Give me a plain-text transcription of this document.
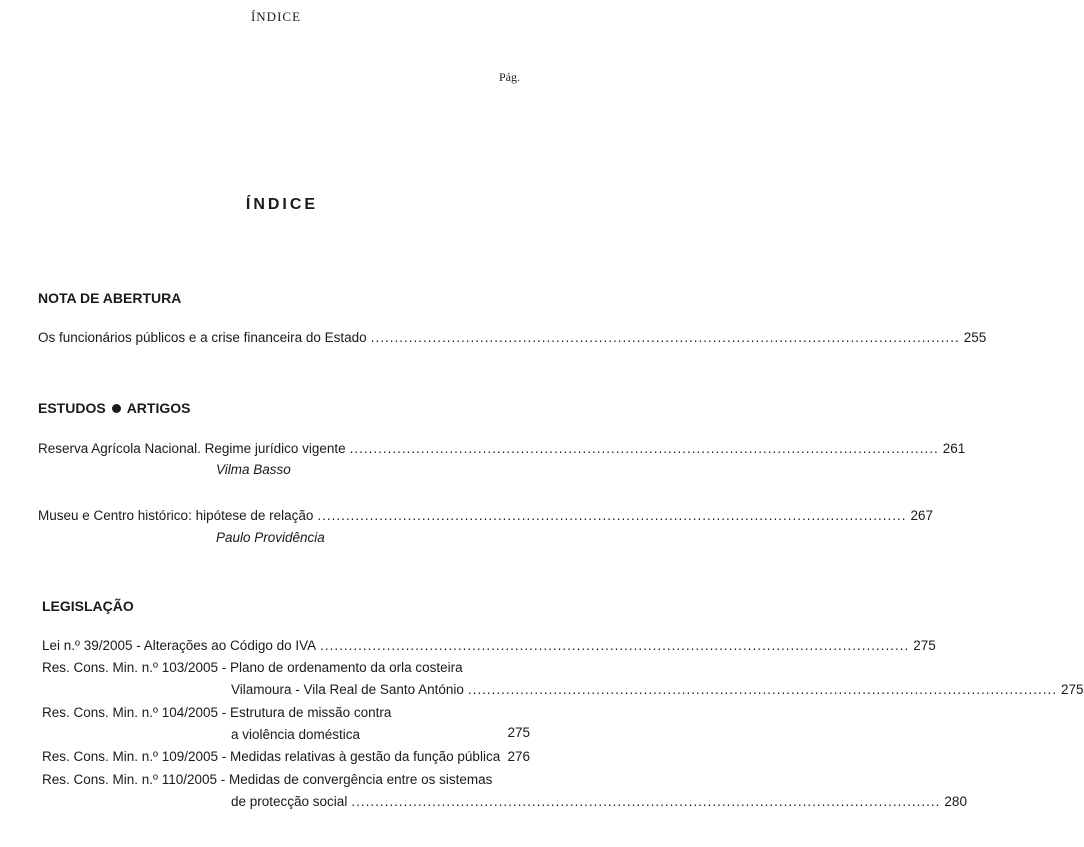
ÍNDICE
Pág.
ÍNDICE
NOTA DE ABERTURA
Os funcionários públicos e a crise financeira do Estado ............................................................................................................................ 255
ESTUDOS ARTIGOS
Reserva Agrícola Nacional. Regime jurídico vigente ............................................................................................................................ 261
Vilma Basso
Museu e Centro histórico: hipótese de relação ............................................................................................................................ 267
Paulo Providência
LEGISLAÇÃO
Lei n.º 39/2005 - Alterações ao Código do IVA ............................................................................................................................ 275
Res. Cons. Min. n.º 103/2005 - Plano de ordenamento da orla costeira
Vilamoura - Vila Real de Santo António ............................................................................................................................ 275
Res. Cons. Min. n.º 104/2005 - Estrutura de missão contra
a violência doméstica	275
Res. Cons. Min. n.º 109/2005 - Medidas relativas à gestão da função pública 276
Res. Cons. Min. n.º 110/2005 - Medidas de convergência entre os sistemas
de protecção social ............................................................................................................................ 280
